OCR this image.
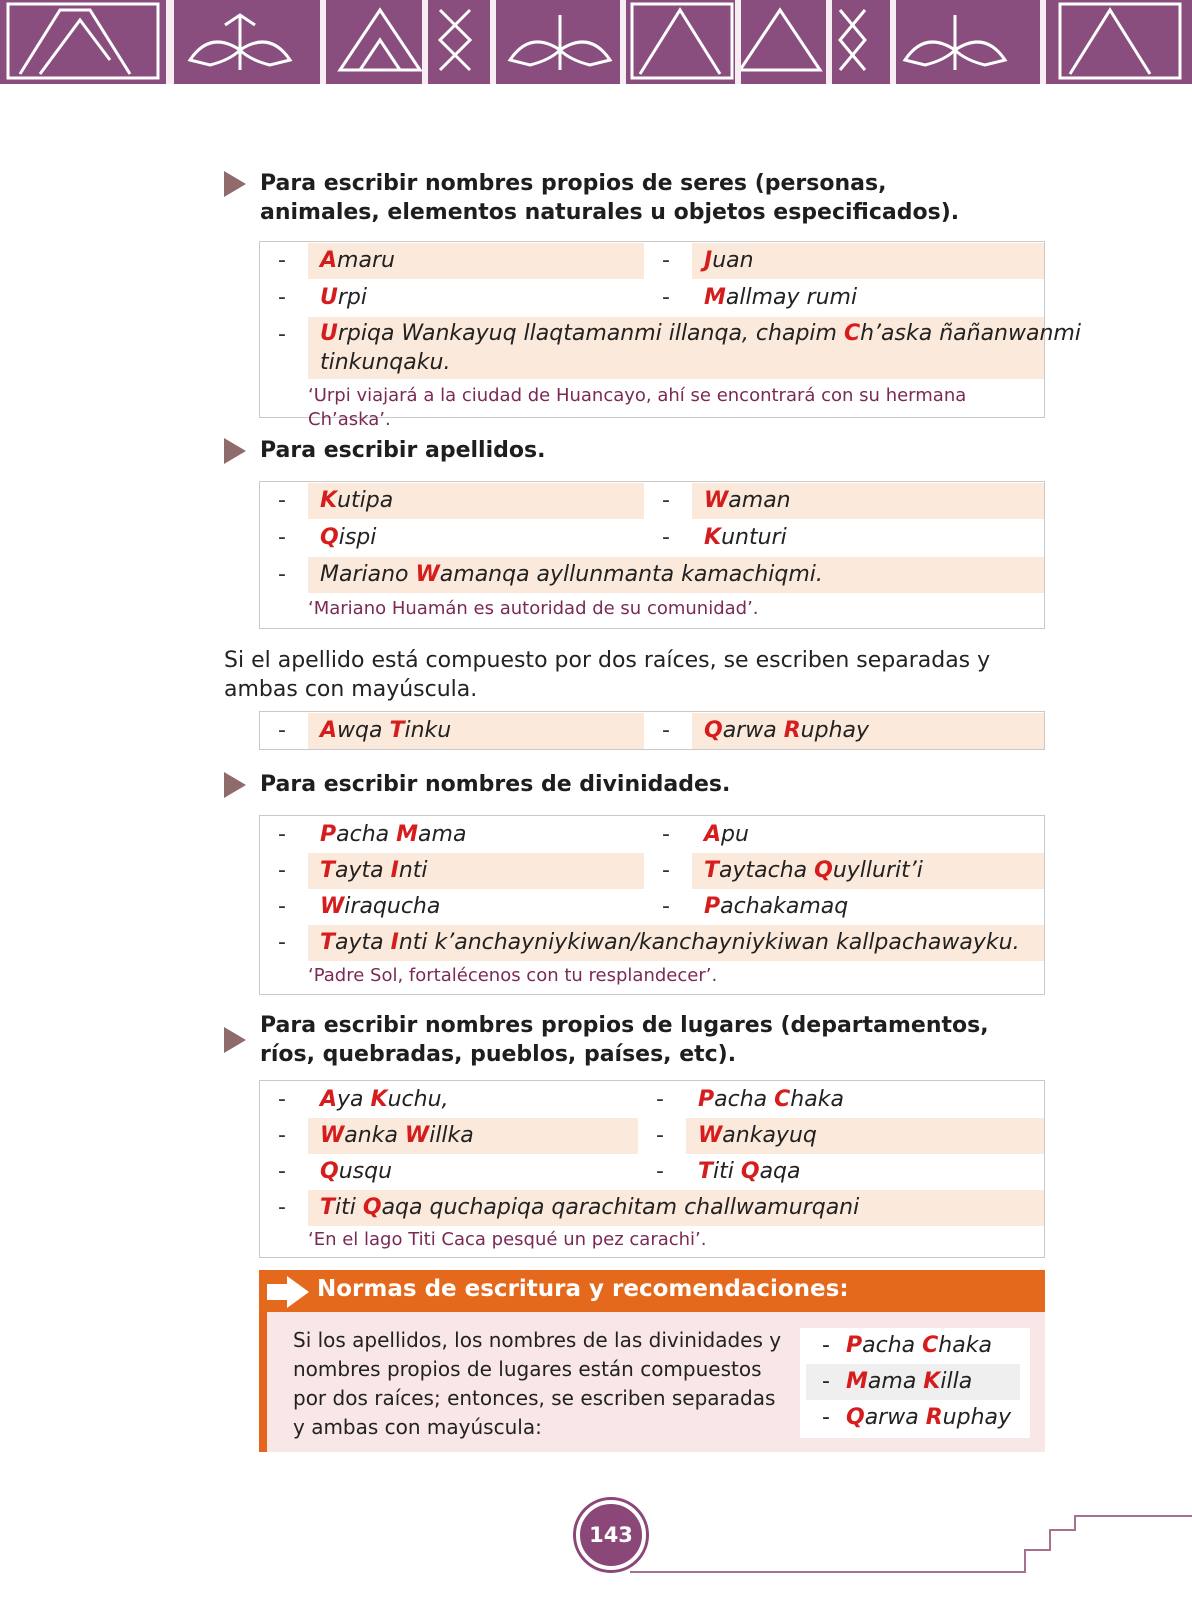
Para escribir nombres propios de seres (personas, animales, elementos naturales u objetos especificados).
-	Amaru	-	Juan
-	Urpi	-	Mallmay rumi
-	Urpiqa Wankayuq llaqtamanmi illanqa, chapim Ch’aska ñañanwanmi
tinkunqaku.
‘Urpi viajará a la ciudad de Huancayo, ahí se encontrará con su hermana Ch’aska’.
Para escribir apellidos.
-	Kutipa	-	Waman
-	Qispi	-	Kunturi
-	Mariano Wamanqa ayllunmanta kamachiqmi.
‘Mariano Huamán es autoridad de su comunidad’.
Si el apellido está compuesto por dos raíces, se escriben separadas y ambas con mayúscula.
-	Awqa Tinku	-	Qarwa Ruphay
Para escribir nombres de divinidades.
-	Pacha Mama	-	Apu
-	Tayta Inti	-	Taytacha Quyllurit’i
-	Wiraqucha	-	Pachakamaq
-	Tayta Inti k’anchayniykiwan/kanchayniykiwan kallpachawayku.
‘Padre Sol, fortalécenos con tu resplandecer’.
Para escribir nombres propios de lugares (departamentos, ríos, quebradas, pueblos, países, etc).
-	Aya Kuchu,	-	Pacha Chaka
-	Wanka Willka	-	Wankayuq
-	Qusqu	-	Titi Qaqa
-	Titi Qaqa quchapiqa qarachitam challwamurqani
‘En el lago Titi Caca pesqué un pez carachi’.
Normas de escritura y recomendaciones:
Si los apellidos, los nombres de las divinidades y nombres propios de lugares están compuestos por dos raíces; entonces, se escriben separadas y ambas con mayúscula:
- Pacha Chaka
- Mama Killa
- Qarwa Ruphay
143
